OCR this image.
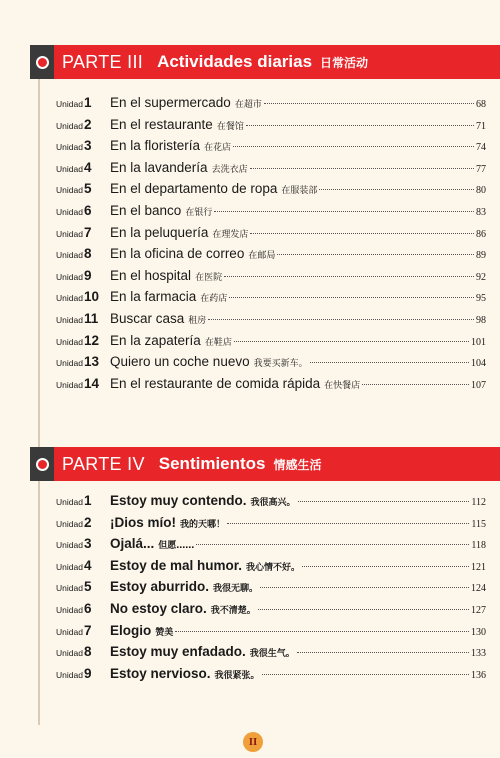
PARTE III Actividades diarias 日常活动
Unidad 1	En el supermercado 在超市	68
Unidad 2	En el restaurante 在餐馆	71
Unidad 3	En la floristería 在花店	74
Unidad 4	En la lavandería 去洗衣店	77
Unidad 5	En el departamento de ropa 在服装部	80
Unidad 6	En el banco 在银行	83
Unidad 7	En la peluquería 在理发店	86
Unidad 8	En la oficina de correo 在邮局	89
Unidad 9	En el hospital 在医院	92
Unidad 10 En la farmacia 在药店	95
Unidad 11 Buscar casa 租房	98
Unidad 12 En la zapatería 在鞋店	101
Unidad 13 Quiero un coche nuevo 我要买新车。	104
Unidad 14 En el restaurante de comida rápida 在快餐店	107
PARTE IV Sentimientos 情感生活
Unidad 1	Estoy muy contendo. 我很高兴。	112
Unidad 2	¡Dios mío! 我的天哪！	115
Unidad 3	Ojalá... 但愿……	118
Unidad 4	Estoy de mal humor. 我心情不好。	121
Unidad 5	Estoy aburrido. 我很无聊。	124
Unidad 6	No estoy claro. 我不清楚。	127
Unidad 7	Elogio 赞美	130
Unidad 8	Estoy muy enfadado. 我很生气。	133
Unidad 9	Estoy nervioso. 我很紧张。	136
II
